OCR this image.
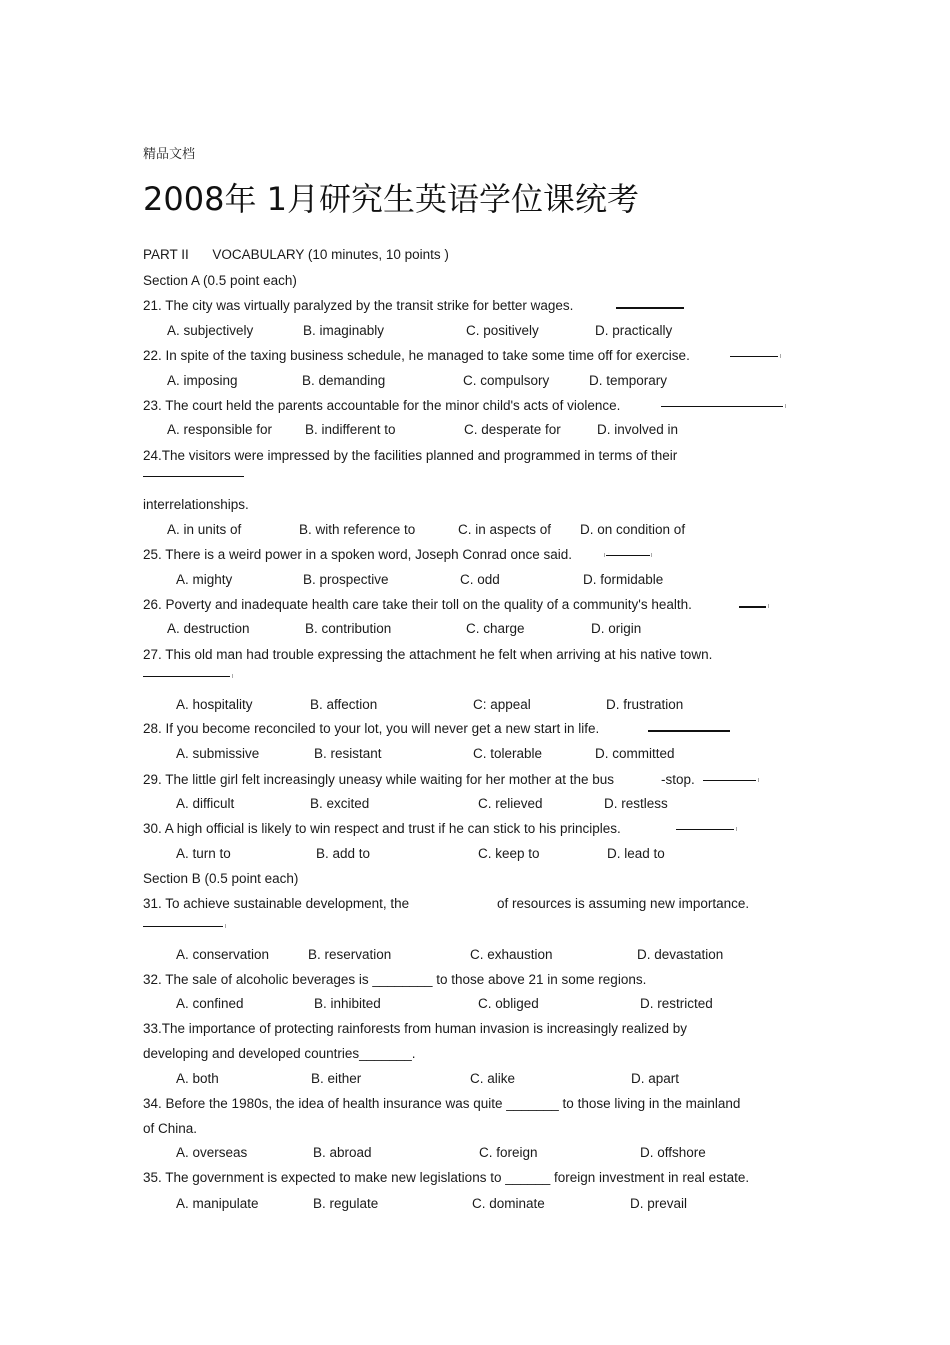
精品文档
2008年 1月研究生英语学位课统考
PART II VOCABULARY (10 minutes, 10 points )
Section A (0.5 point each)
21. The city was virtually paralyzed by the transit strike for better wages.
A. subjectively	B. imaginably	C. positively	D. practically
22. In spite of the taxing business schedule, he managed to take some time off for exercise.
A. imposing	B. demanding	C. compulsory	D. temporary
23. The court held the parents accountable for the minor child's acts of violence.
A. responsible for B. indifferent to	C. desperate for	D. involved in
24.The visitors were impressed by the facilities planned and programmed in terms of their
interrelationships.
A. in units of	B. with reference to	C. in aspects of D. on condition of
25. There is a weird power in a spoken word, Joseph Conrad once said.
A. mighty	B. prospective	C. odd	D. formidable
26. Poverty and inadequate health care take their toll on the quality of a community's health.
A. destruction	B. contribution	C. charge	D. origin
27. This old man had trouble expressing the attachment he felt when arriving at his native town.
A. hospitality	B. affection	C: appeal	D. frustration
28. If you become reconciled to your lot, you will never get a new start in life.
A. submissive	B. resistant	C. tolerable	D. committed
29. The little girl felt increasingly uneasy while waiting for her mother at the bus	-stop.
A. difficult	B. excited	C. relieved	D. restless
30. A high official is likely to win respect and trust if he can stick to his principles.
A. turn to	B. add to	C. keep to	D. lead to
Section B (0.5 point each)
31. To achieve sustainable development, the	of resources is assuming new importance.
A. conservation	B. reservation	C. exhaustion	D. devastation
32. The sale of alcoholic beverages is ________ to those above 21 in some regions.
A. confined	B. inhibited	C. obliged	D. restricted
33.The importance of protecting rainforests from human invasion is increasingly realized by
developing and developed countries_______.
A. both	B. either	C. alike	D. apart
34. Before the 1980s, the idea of health insurance was quite _______ to those living in the mainland
of China.
A. overseas	B. abroad	C. foreign	D. offshore
35. The government is expected to make new legislations to ______ foreign investment in real estate.
A. manipulate	B. regulate	C. dominate	D. prevail
